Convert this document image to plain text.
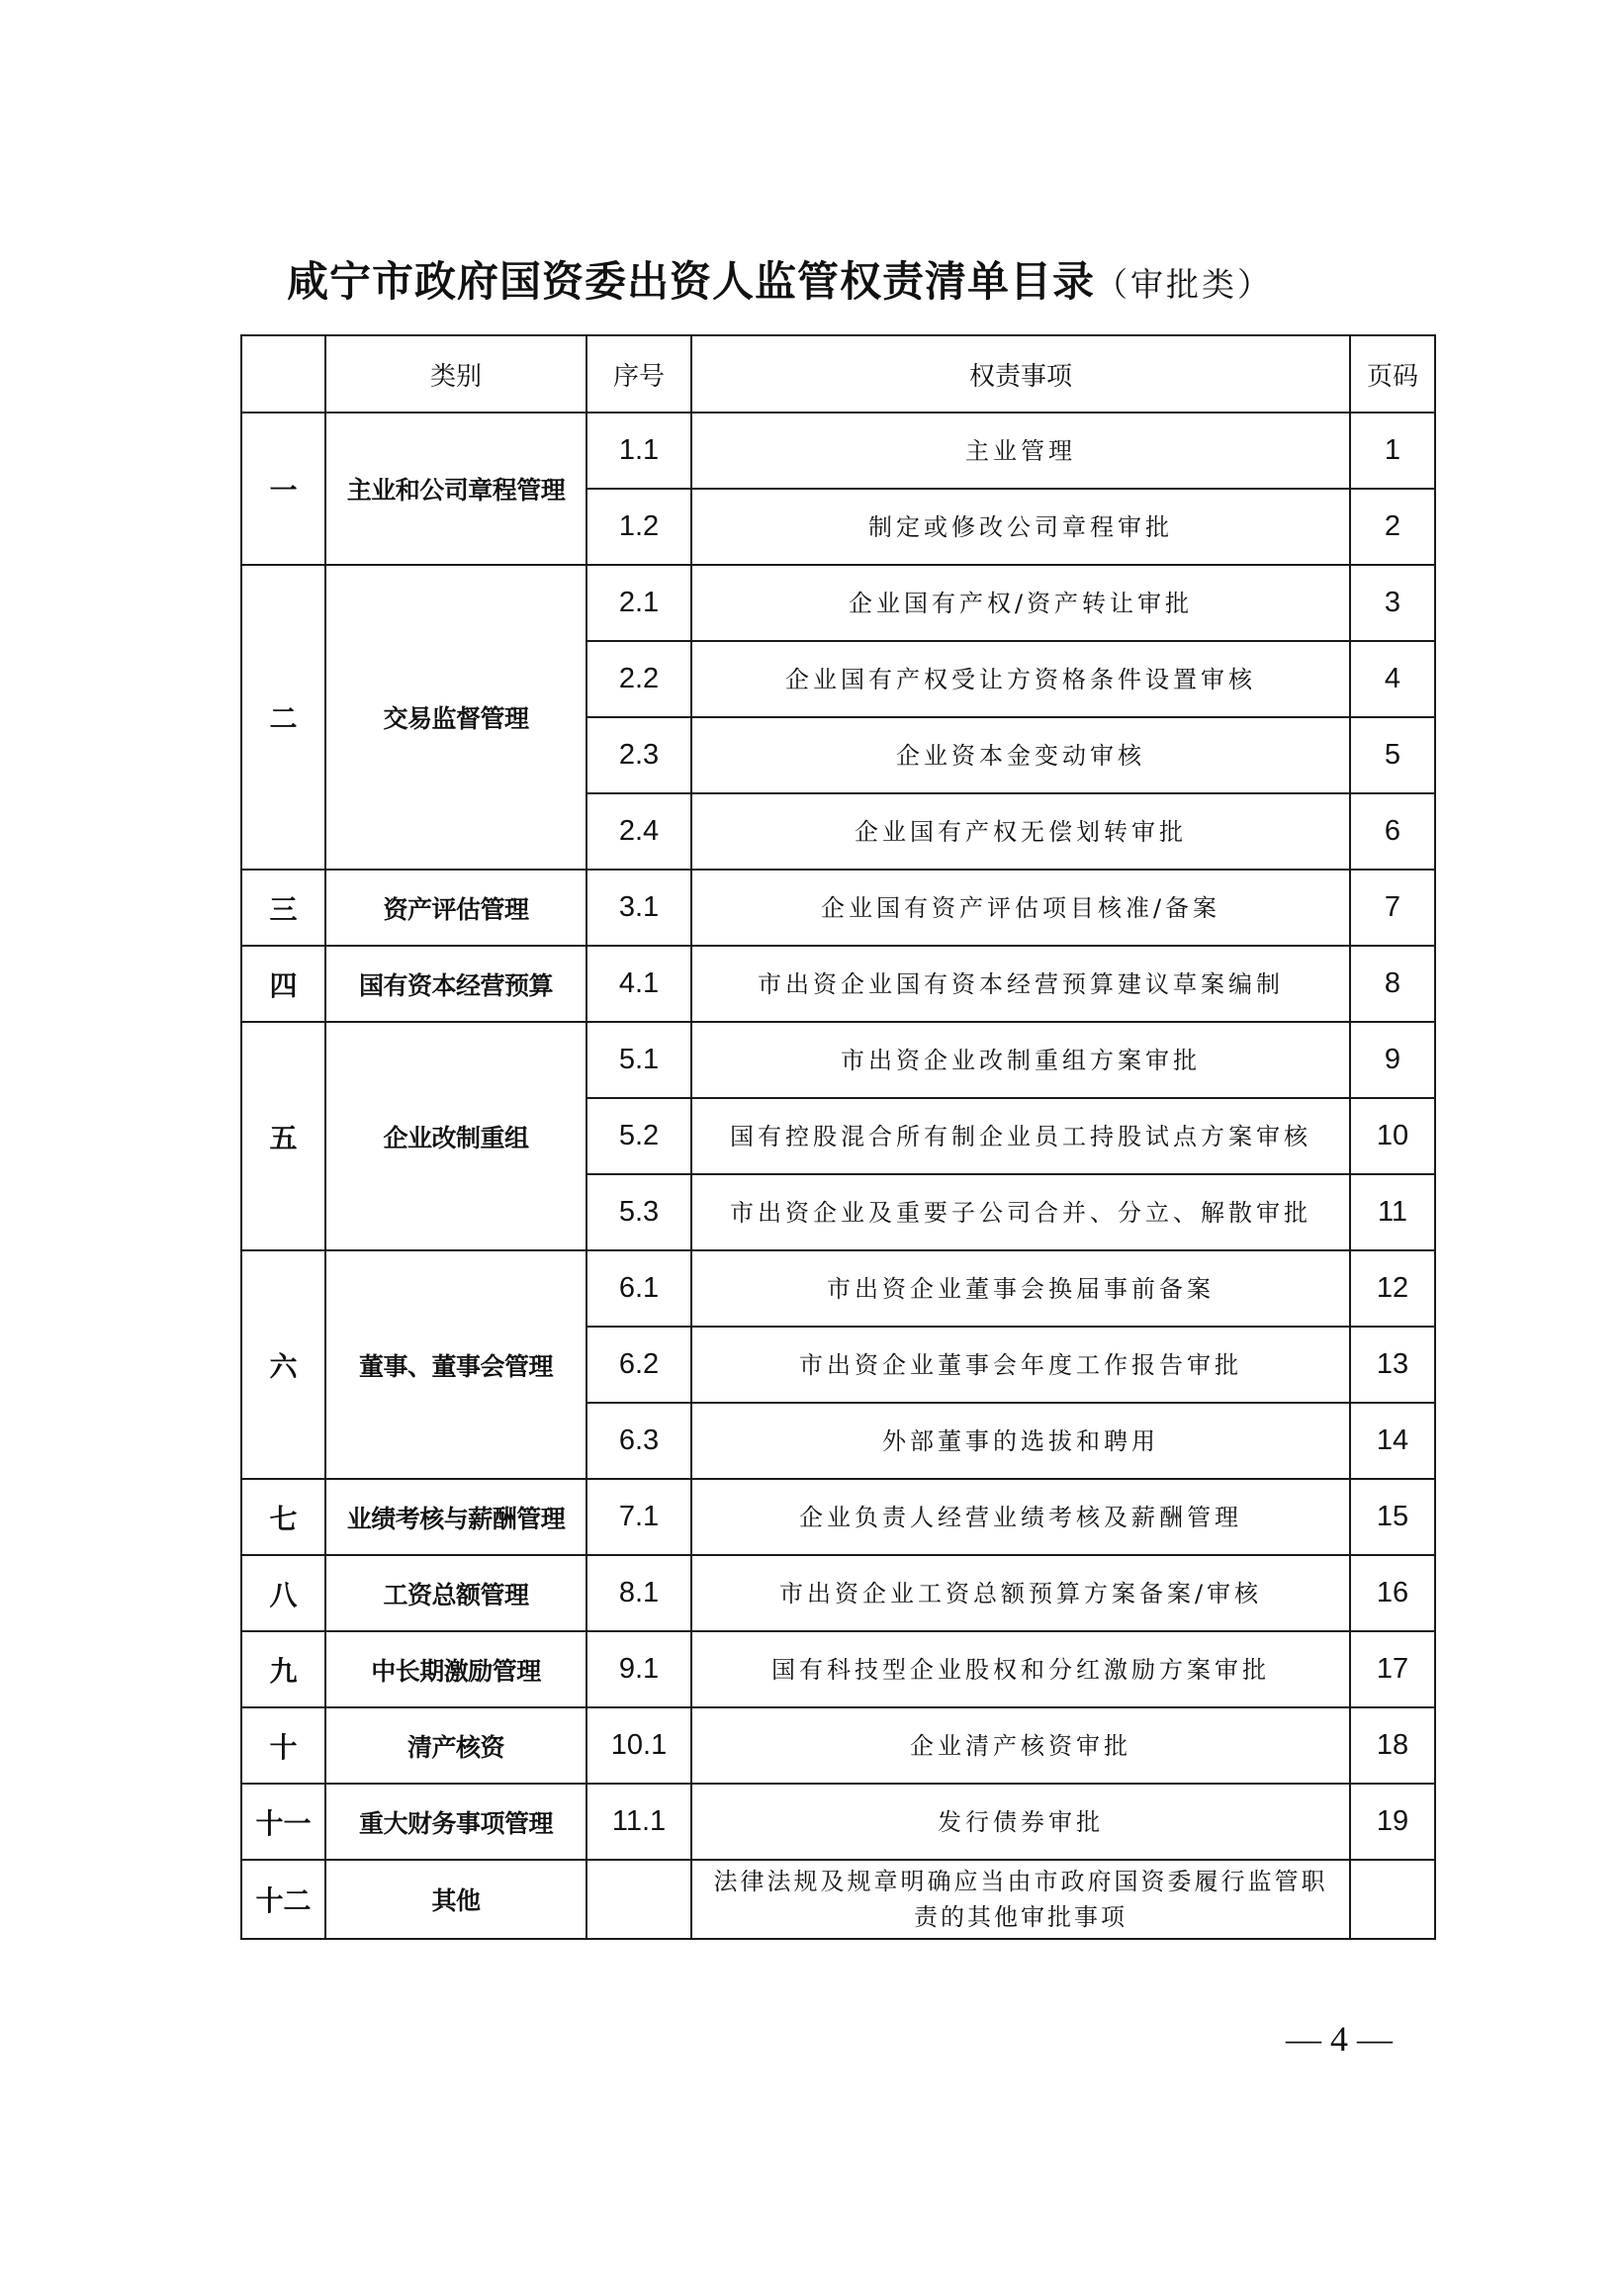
咸宁市政府国资委出资人监管权责清单目录（审批类）
	类别	序号	权责事项	页码
一	主业和公司章程管理	1.1	主业管理	1
		1.2	制定或修改公司章程审批	2
二	交易监督管理	2.1	企业国有产权/资产转让审批	3
		2.2	企业国有产权受让方资格条件设置审核	4
		2.3	企业资本金变动审核	5
		2.4	企业国有产权无偿划转审批	6
三	资产评估管理	3.1	企业国有资产评估项目核准/备案	7
四	国有资本经营预算	4.1	市出资企业国有资本经营预算建议草案编制	8
五	企业改制重组	5.1	市出资企业改制重组方案审批	9
		5.2	国有控股混合所有制企业员工持股试点方案审核	10
		5.3	市出资企业及重要子公司合并、分立、解散审批	11
六	董事、董事会管理	6.1	市出资企业董事会换届事前备案	12
		6.2	市出资企业董事会年度工作报告审批	13
		6.3	外部董事的选拔和聘用	14
七	业绩考核与薪酬管理	7.1	企业负责人经营业绩考核及薪酬管理	15
八	工资总额管理	8.1	市出资企业工资总额预算方案备案/审核	16
九	中长期激励管理	9.1	国有科技型企业股权和分红激励方案审批	17
十	清产核资	10.1	企业清产核资审批	18
十一	重大财务事项管理	11.1	发行债券审批	19
十二	其他		法律法规及规章明确应当由市政府国资委履行监管职责的其他审批事项	
— 4 —
